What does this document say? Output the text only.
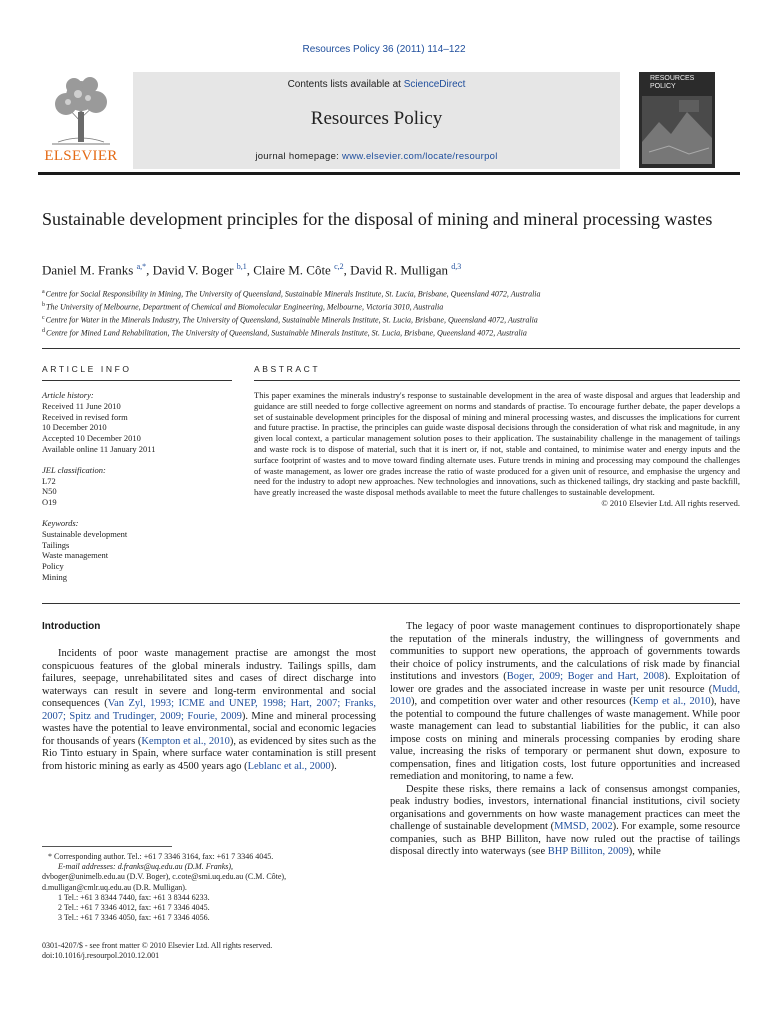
Resources Policy 36 (2011) 114–122
ELSEVIER
Contents lists available at ScienceDirect
Resources Policy
journal homepage: www.elsevier.com/locate/resourpol
RESOURCES POLICY
Sustainable development principles for the disposal of mining and mineral processing wastes
Daniel M. Franks $^{a,*}$, David V. Boger $^{b,1}$, Claire M. Côte $^{c,2}$, David R. Mulligan $^{d,3}$
$^a$Centre for Social Responsibility in Mining, The University of Queensland, Sustainable Minerals Institute, St. Lucia, Brisbane, Queensland 4072, Australia
$^b$The University of Melbourne, Department of Chemical and Biomolecular Engineering, Melbourne, Victoria 3010, Australia
$^c$Centre for Water in the Minerals Industry, The University of Queensland, Sustainable Minerals Institute, St. Lucia, Brisbane, Queensland 4072, Australia
$^d$Centre for Mined Land Rehabilitation, The University of Queensland, Sustainable Minerals Institute, St. Lucia, Brisbane, Queensland 4072, Australia
ARTICLE INFO	ABSTRACT
Article history:
Received 11 June 2010
Received in revised form
10 December 2010
Accepted 10 December 2010
Available online 11 January 2011
JEL classification:
L72
N50
O19
Keywords:
Sustainable development
Tailings
Waste management
Policy
Mining
This paper examines the minerals industry's response to sustainable development in the area of waste disposal and argues that leadership and guidance are still needed to forge collective agreement on norms and standards of practise. To encourage further debate, the paper develops a set of sustainable development principles for the disposal of mining and mineral processing wastes, and discusses the implications for current and future practise. In practise, the principles can guide waste disposal decisions through the consideration of what risk and magnitude, in any given local context, a particular management solution poses to their application. The sustainability challenge in the management of tailings and waste rock is to dispose of material, such that it is inert or, if not, stable and contained, to minimise water and energy inputs and the surface footprint of wastes and to move toward finding alternate uses. Future trends in mining and processing may compound the challenges of waste management, as lower ore grades increase the ratio of waste produced for a given unit of resource, and emphasise the urgency and need for the industry to adopt new approaches. New technologies and innovations, such as thickened tailings, dry stacking and paste backfill, have greatly increased the waste disposal methods available to meet the future challenges to sustainable development.
© 2010 Elsevier Ltd. All rights reserved.
Introduction

Incidents of poor waste management practise are amongst the most conspicuous features of the global minerals industry. Tailings spills, dam failures, seepage, unrehabilitated sites and cases of direct discharge into waterways can result in severe and long-term environmental and social consequences (Van Zyl, 1993; ICME and UNEP, 1998; Hart, 2007; Franks, 2007; Spitz and Trudinger, 2009; Fourie, 2009). Mine and mineral processing wastes have the potential to leave environmental, social and economic legacies for thousands of years (Kempton et al., 2010), as evidenced by sites such as the Rio Tinto estuary in Spain, where surface water contamination is still present from historic mining as early as 4500 years ago (Leblanc et al., 2000).

The legacy of poor waste management continues to disproportionately shape the reputation of the minerals industry, the willingness of governments and communities to support new operations, the approach of governments towards their choice of policy instruments, and the calculations of risk made by financial institutions and investors (Boger, 2009; Boger and Hart, 2008). Exploitation of lower ore grades and the associated increase in waste per unit resource (Mudd, 2010), and competition over water and other resources (Kemp et al., 2010), have the potential to compound the future challenges of waste management. While poor waste management can lead to substantial liabilities for the public, it can also impose costs on mining and minerals processing companies by eroding share value, increasing the risks of temporary or permanent shut down, exposure to compensation, fines and litigation costs, lost future opportunities and increased remediation and monitoring, to name a few.

Despite these risks, there remains a lack of consensus amongst companies, peak industry bodies, investors, international financial institutions, civil society organisations and governments on how waste management practices can meet the challenge of sustainable development (MMSD, 2002). For example, some resource companies, such as BHP Billiton, have now ruled out the practise of tailings disposal directly into waterways (see BHP Billiton, 2009), while

* Corresponding author. Tel.: +61 7 3346 3164, fax: +61 7 3346 4045.
E-mail addresses: d.franks@uq.edu.au (D.M. Franks),
dvboger@unimelb.edu.au (D.V. Boger), c.cote@smi.uq.edu.au (C.M. Côte),
d.mulligan@cmlr.uq.edu.au (D.R. Mulligan).
1 Tel.: +61 3 8344 7440, fax: +61 3 8344 6233.
2 Tel.: +61 7 3346 4012, fax: +61 7 3346 4045.
3 Tel.: +61 7 3346 4050, fax: +61 7 3346 4056.
0301-4207/$ - see front matter © 2010 Elsevier Ltd. All rights reserved.
doi:10.1016/j.resourpol.2010.12.001
